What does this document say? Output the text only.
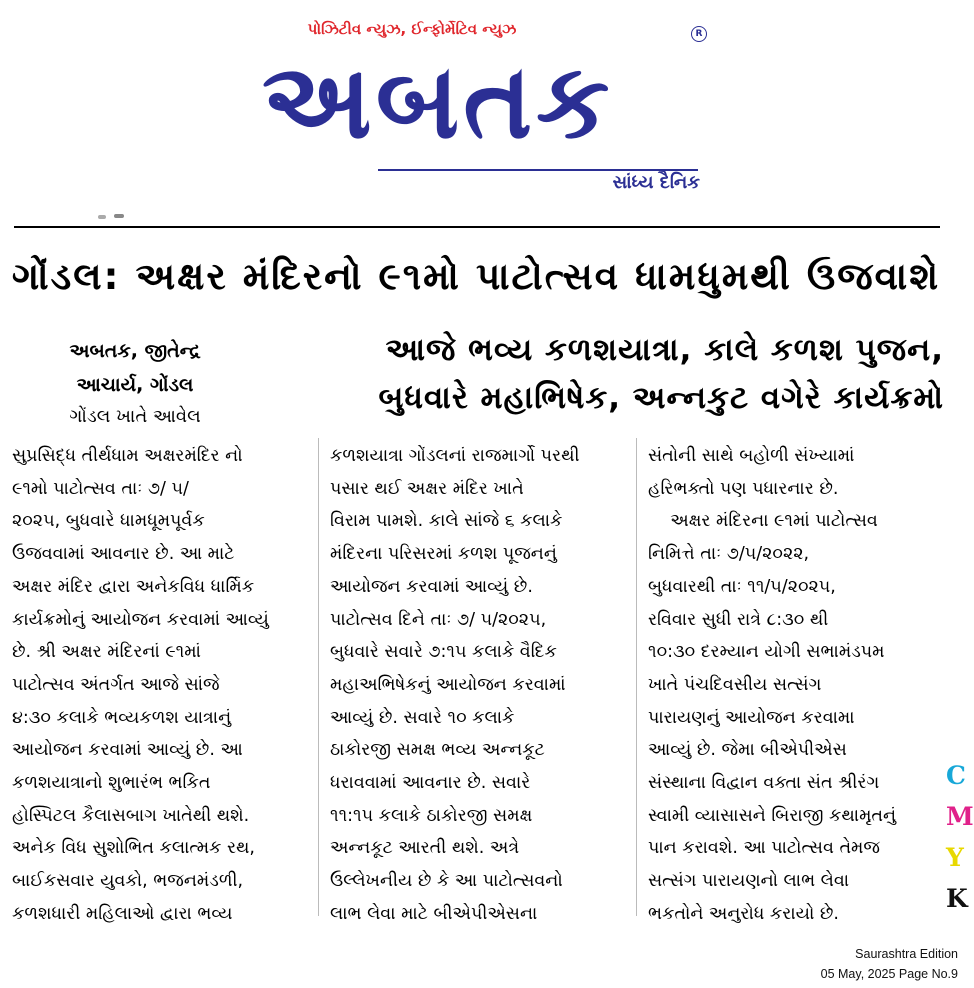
પોઝિટીવ ન્યુઝ, ઈન્ફોર્મેટિવ ન્યુઝ
અબતક
R
સાંધ્ય દૈનિક
ગોંડલ: અક્ષર મંદિરનો ૯૧મો પાટોત્સવ ધામધુમથી ઉજવાશે
અબતક, જીતેન્દ્ર
આચાર્ય, ગોંડલ
ગોંડલ ખાતે આવેલ
આજે ભવ્ય કળશયાત્રા, કાલે કળશ પુજન,
બુધવારે મહાભિષેક, અન્નકુટ વગેરે કાર્યક્રમો
સુપ્રસિદ્ધ તીર્થધામ અક્ષરમંદિર નો
૯૧મો પાટોત્સવ તાઃ ૭/ ૫/
૨૦૨૫, બુધવારે ધામધૂમપૂર્વક
ઉજવવામાં આવનાર છે. આ માટે
અક્ષર મંદિર દ્વારા અનેકવિધ ધાર્મિક
કાર્યક્રમોનું આયોજન કરવામાં આવ્યું
છે. શ્રી અક્ષર મંદિરનાં ૯૧માં
પાટોત્સવ અંતર્ગત આજે સાંજે
૪:૩૦ કલાકે ભવ્યકળશ યાત્રાનું
આયોજન કરવામાં આવ્યું છે. આ
કળશયાત્રાનો શુભારંભ ભકિત
હોસ્પિટલ કૈલાસબાગ ખાતેથી થશે.
અનેક વિધ સુશોભિત કલાત્મક રથ,
બાઈકસવાર યુવકો, ભજનમંડળી,
કળશધારી મહિલાઓ દ્વારા ભવ્ય
કળશયાત્રા ગોંડલનાં રાજમાર્ગો પરથી
પસાર થઈ અક્ષર મંદિર ખાતે
વિરામ પામશે. કાલે સાંજે ૬ કલાકે
મંદિરના પરિસરમાં કળશ પૂજનનું
આયોજન કરવામાં આવ્યું છે.
પાટોત્સવ દિને તાઃ ૭/ ૫/૨૦૨૫,
બુધવારે સવારે ૭:૧૫ કલાકે વૈદિક
મહાઅભિષેકનું આયોજન કરવામાં
આવ્યું છે. સવારે ૧૦ કલાકે
ઠાકોરજી સમક્ષ ભવ્ય અન્નકૂટ
ધરાવવામાં આવનાર છે. સવારે
૧૧:૧૫ કલાકે ઠાકોરજી સમક્ષ
અન્નકૂટ આરતી થશે. અત્રે
ઉલ્લેખનીય છે કે આ પાટોત્સવનો
લાભ લેવા માટે બીએપીએસના
સંતોની સાથે બહોળી સંખ્યામાં
હરિભક્તો પણ પધારનાર છે.
અક્ષર મંદિરના ૯૧માં પાટોત્સવ
નિમિત્તે તાઃ ૭/૫/૨૦૨૨,
બુધવારથી તાઃ ૧૧/૫/૨૦૨૫,
રવિવાર સુધી રાત્રે ૮:૩૦ થી
૧૦:૩૦ દરમ્યાન યોગી સભામંડપમ
ખાતે પંચદિવસીય સત્સંગ
પારાયણનું આયોજન કરવામા
આવ્યું છે. જેમા બીએપીએસ
સંસ્થાના વિદ્વાન વક્તા સંત શ્રીરંગ
સ્વામી વ્યાસાસને બિરાજી કથામૃતનું
પાન કરાવશે. આ પાટોત્સવ તેમજ
સત્સંગ પારાયણનો લાભ લેવા
ભકતોને અનુરોધ કરાયો છે.
C
M
Y
K
Saurashtra Edition
05 May, 2025 Page No.9
